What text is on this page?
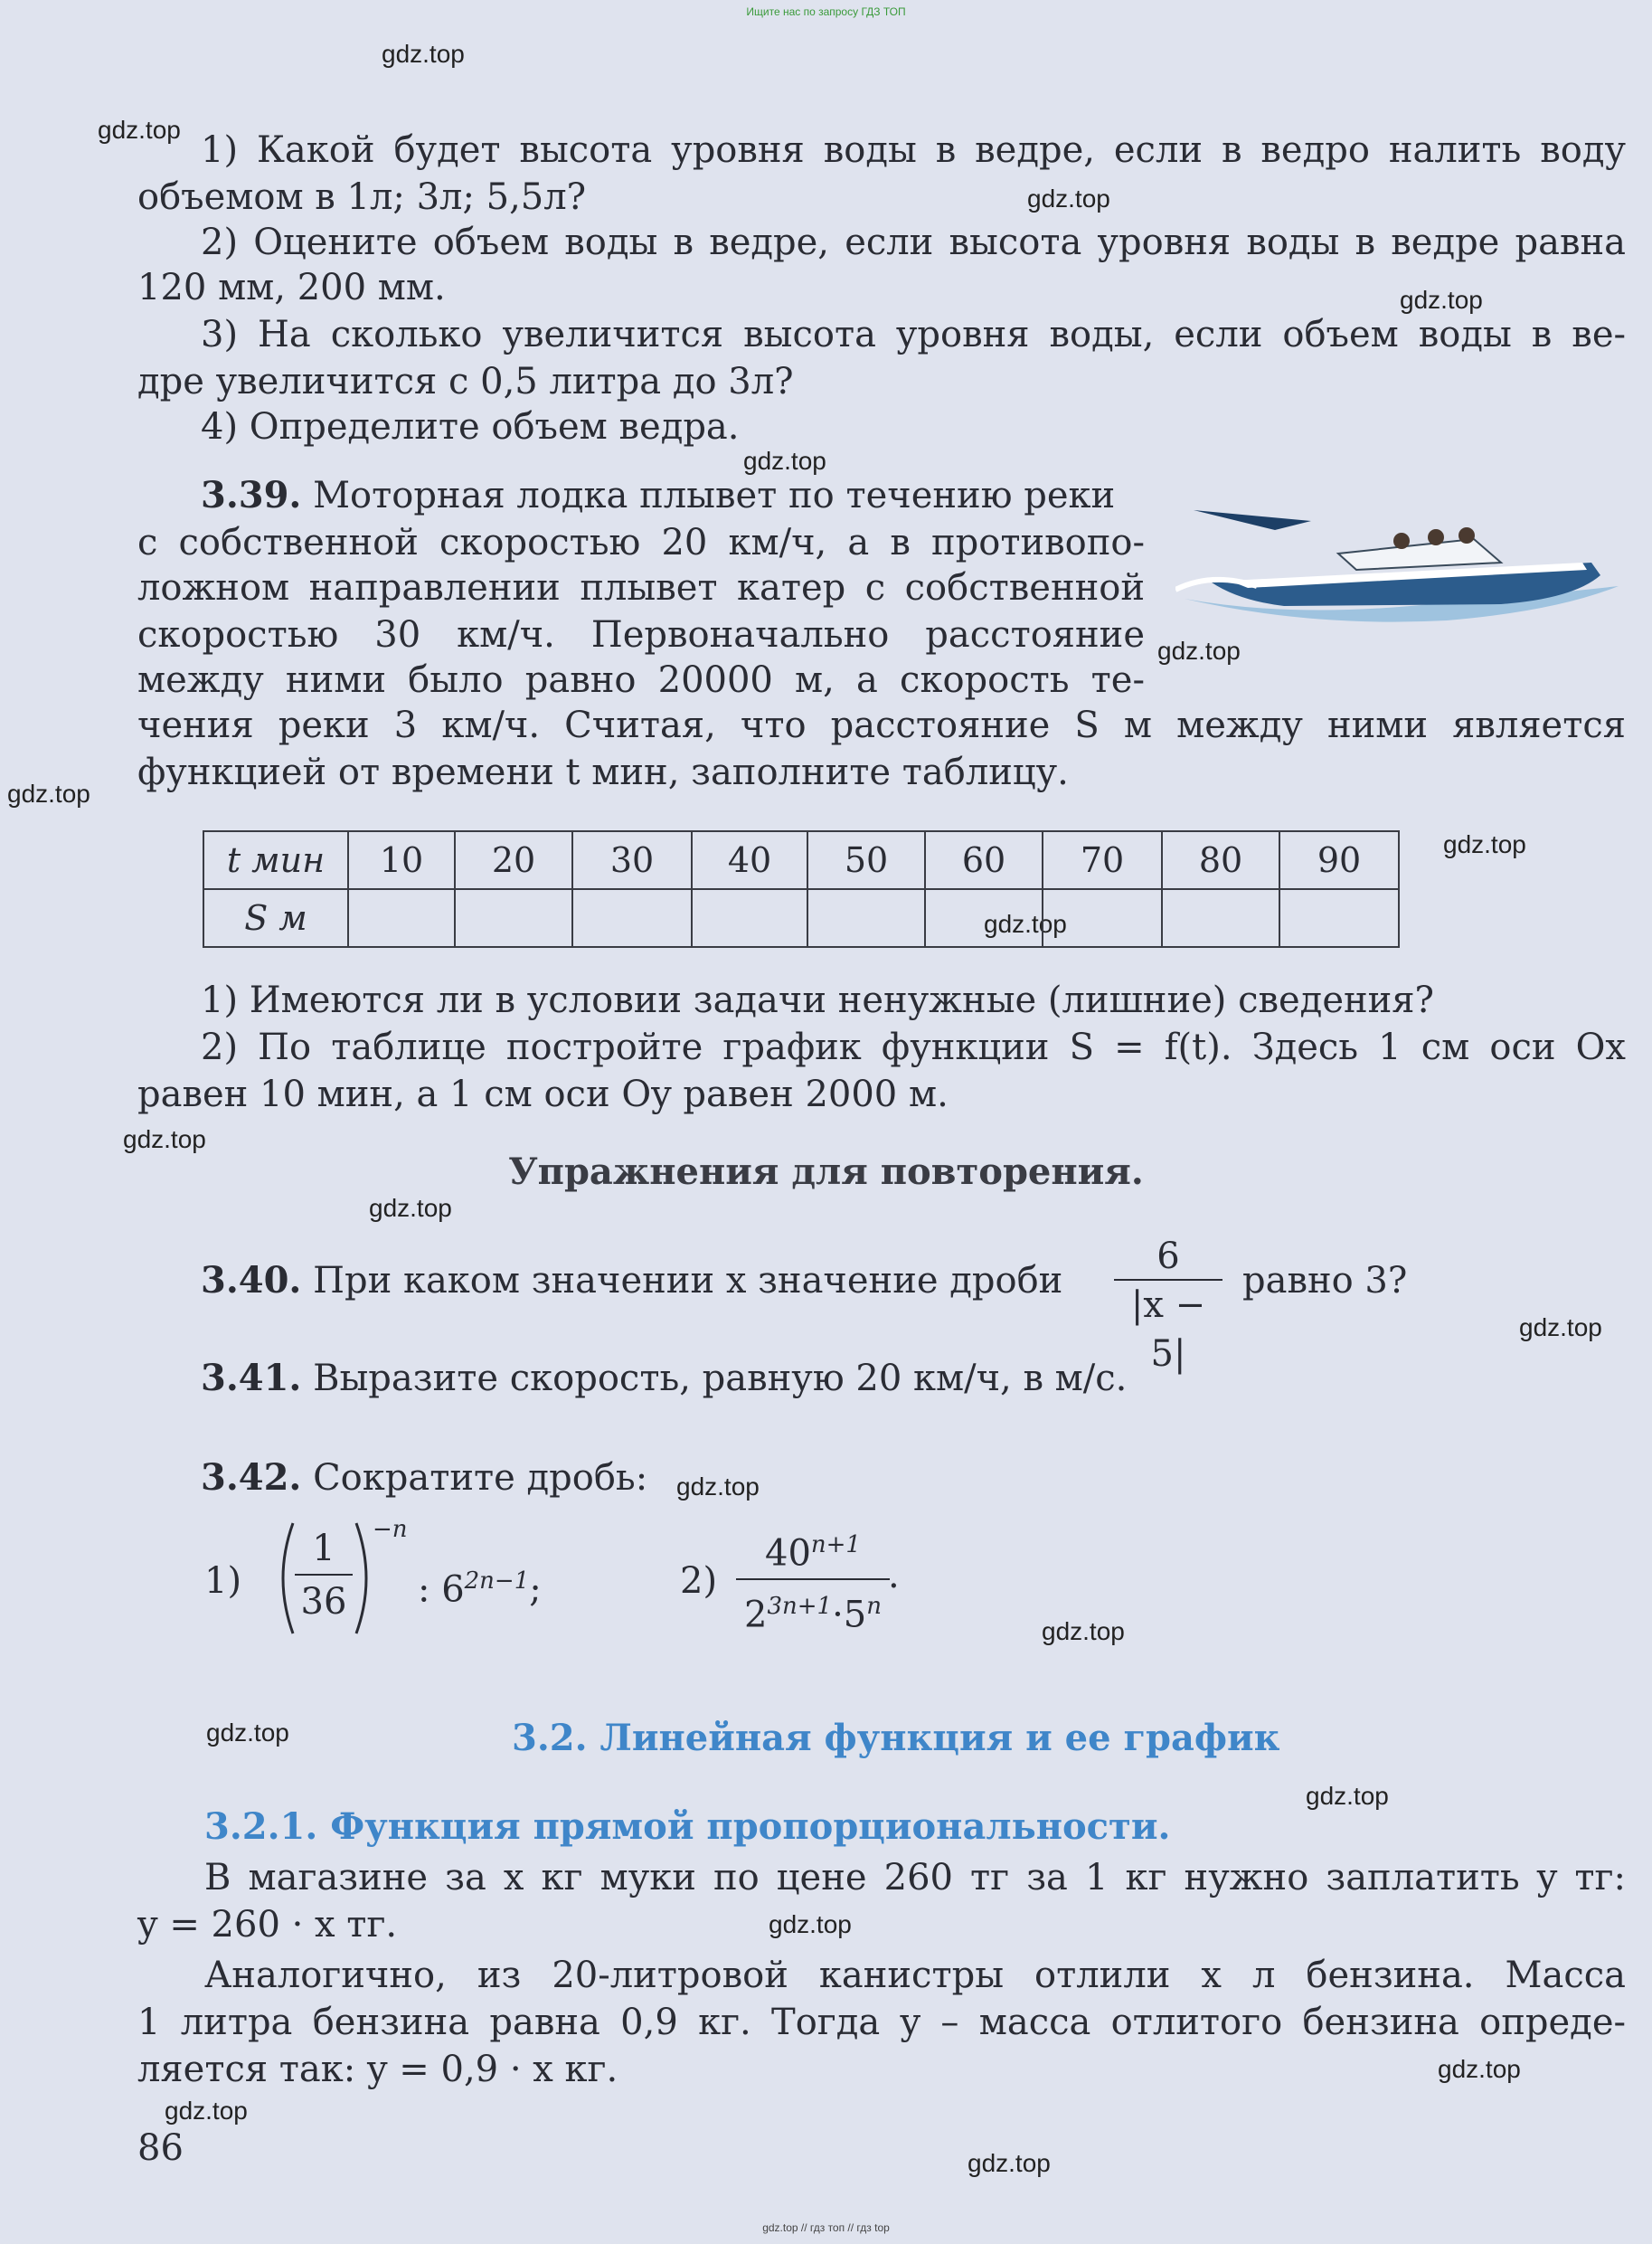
Ищите нас по запросу ГДЗ ТОП
gdz.top
gdz.top
gdz.top
gdz.top
gdz.top
gdz.top
gdz.top
gdz.top
gdz.top
gdz.top
gdz.top
gdz.top
gdz.top
gdz.top
gdz.top
gdz.top
gdz.top
gdz.top
gdz.top
gdz.top
1) Какой будет высота уровня воды в ведре, если в ведро налить воду
объемом в 1л; 3л; 5,5л?
2) Оцените объем воды в ведре, если высота уровня воды в ведре равна
120 мм, 200 мм.
3) На сколько увеличится высота уровня воды, если объем воды в ве-
дре увеличится с 0,5 литра до 3л?
4) Определите объем ведра.
3.39. Моторная лодка плывет по течению реки
с собственной скоростью 20 км/ч, а в противопо-
ложном направлении плывет катер с собственной
скоростью 30 км/ч. Первоначально расстояние
между ними было равно 20000 м, а скорость те-
чения реки 3 км/ч. Считая, что расстояние S м между ними является
функцией от времени t мин, заполните таблицу.
t мин	10	20	30	40	50	60	70	80	90
S м									
1) Имеются ли в условии задачи ненужные (лишние) сведения?
2) По таблице постройте график функции S = f(t). Здесь 1 см оси Ox
равен 10 мин, а 1 см оси Oy равен 2000 м.
Упражнения для повторения.
3.40. При каком значении x значение дроби $\frac{6}{|x - 5|}$ равно 3?
3.41. Выразите скорость, равную 20 км/ч, в м/с.
3.42. Сократите дробь:
$1) \frac{1}{36} -n$
: $6^{2n-1}$;	$2) \frac{40^{n+1}}{2^{3n+1}\cdot 5^n}$
.
3.2. Линейная функция и ее график
3.2.1. Функция прямой пропорциональности.
В магазине за x кг муки по цене 260 тг за 1 кг нужно заплатить y тг:
y = 260 · x тг.
Аналогично, из 20-литровой канистры отлили x л бензина. Масса
1 литра бензина равна 0,9 кг. Тогда y – масса отлитого бензина опреде-
ляется так: y = 0,9 · x кг.
86
gdz.top // гдз топ // гдз top
